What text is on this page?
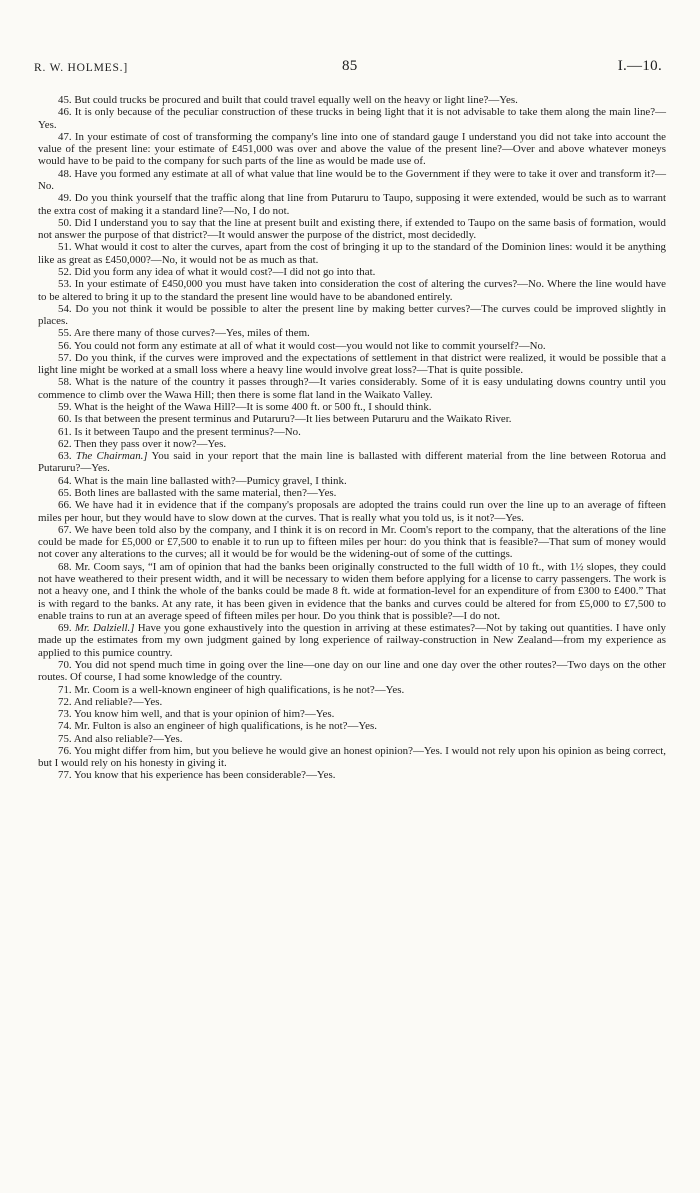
R. W. HOLMES.]	85	I.—10.

45. But could trucks be procured and built that could travel equally well on the heavy or light line?—Yes.

46. It is only because of the peculiar construction of these trucks in being light that it is not advisable to take them along the main line?—Yes.

47. In your estimate of cost of transforming the company's line into one of standard gauge I understand you did not take into account the value of the present line: your estimate of £451,000 was over and above the value of the present line?—Over and above whatever moneys would have to be paid to the company for such parts of the line as would be made use of.

48. Have you formed any estimate at all of what value that line would be to the Government if they were to take it over and transform it?—No.

49. Do you think yourself that the traffic along that line from Putaruru to Taupo, supposing it were extended, would be such as to warrant the extra cost of making it a standard line?—No, I do not.

50. Did I understand you to say that the line at present built and existing there, if extended to Taupo on the same basis of formation, would not answer the purpose of that district?—It would answer the purpose of the district, most decidedly.

51. What would it cost to alter the curves, apart from the cost of bringing it up to the standard of the Dominion lines: would it be anything like as great as £450,000?—No, it would not be as much as that.

52. Did you form any idea of what it would cost?—I did not go into that.

53. In your estimate of £450,000 you must have taken into consideration the cost of altering the curves?—No. Where the line would have to be altered to bring it up to the standard the present line would have to be abandoned entirely.

54. Do you not think it would be possible to alter the present line by making better curves?—The curves could be improved slightly in places.

55. Are there many of those curves?—Yes, miles of them.

56. You could not form any estimate at all of what it would cost—you would not like to commit yourself?—No.

57. Do you think, if the curves were improved and the expectations of settlement in that district were realized, it would be possible that a light line might be worked at a small loss where a heavy line would involve great loss?—That is quite possible.

58. What is the nature of the country it passes through?—It varies considerably. Some of it is easy undulating downs country until you commence to climb over the Wawa Hill; then there is some flat land in the Waikato Valley.

59. What is the height of the Wawa Hill?—It is some 400 ft. or 500 ft., I should think.

60. Is that between the present terminus and Putaruru?—It lies between Putaruru and the Waikato River.

61. Is it between Taupo and the present terminus?—No.

62. Then they pass over it now?—Yes.

63. The Chairman.] You said in your report that the main line is ballasted with different material from the line between Rotorua and Putaruru?—Yes.

64. What is the main line ballasted with?—Pumicy gravel, I think.

65. Both lines are ballasted with the same material, then?—Yes.

66. We have had it in evidence that if the company's proposals are adopted the trains could run over the line up to an average of fifteen miles per hour, but they would have to slow down at the curves. That is really what you told us, is it not?—Yes.

67. We have been told also by the company, and I think it is on record in Mr. Coom's report to the company, that the alterations of the line could be made for £5,000 or £7,500 to enable it to run up to fifteen miles per hour: do you think that is feasible?—That sum of money would not cover any alterations to the curves; all it would be for would be the widening-out of some of the cuttings.

68. Mr. Coom says, “I am of opinion that had the banks been originally constructed to the full width of 10 ft., with 1½ slopes, they could not have weathered to their present width, and it will be necessary to widen them before applying for a license to carry passengers. The work is not a heavy one, and I think the whole of the banks could be made 8 ft. wide at formation-level for an expenditure of from £300 to £400.” That is with regard to the banks. At any rate, it has been given in evidence that the banks and curves could be altered for from £5,000 to £7,500 to enable trains to run at an average speed of fifteen miles per hour. Do you think that is possible?—I do not.

69. Mr. Dalziell.] Have you gone exhaustively into the question in arriving at these estimates?—Not by taking out quantities. I have only made up the estimates from my own judgment gained by long experience of railway-construction in New Zealand—from my experience as applied to this pumice country.

70. You did not spend much time in going over the line—one day on our line and one day over the other routes?—Two days on the other routes. Of course, I had some knowledge of the country.

71. Mr. Coom is a well-known engineer of high qualifications, is he not?—Yes.

72. And reliable?—Yes.

73. You know him well, and that is your opinion of him?—Yes.

74. Mr. Fulton is also an engineer of high qualifications, is he not?—Yes.

75. And also reliable?—Yes.

76. You might differ from him, but you believe he would give an honest opinion?—Yes. I would not rely upon his opinion as being correct, but I would rely on his honesty in giving it.

77. You know that his experience has been considerable?—Yes.
